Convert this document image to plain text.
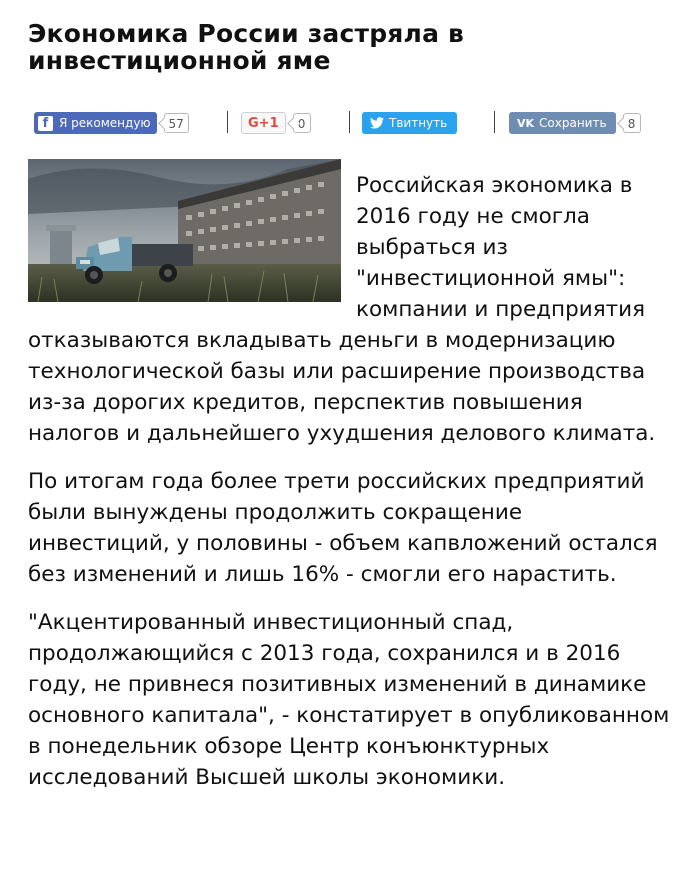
Экономика России застряла в инвестиционной яме
f Я рекомендую	57	G+1	0	Твитнуть	VK Сохранить	8

Российская экономика в 2016 году не смогла выбраться из "инвестиционной ямы": компании и предприятия отказываются вкладывать деньги в модернизацию технологической базы или расширение производства из-за дорогих кредитов, перспектив повышения налогов и дальнейшего ухудшения делового климата.

По итогам года более трети российских предприятий были вынуждены продолжить сокращение инвестиций, у половины - объем капвложений остался без изменений и лишь 16% - смогли его нарастить.

"Акцентированный инвестиционный спад, продолжающийся с 2013 года, сохранился и в 2016 году, не привнеся позитивных изменений в динамике основного капитала", - констатирует в опубликованном в понедельник обзоре Центр конъюнктурных исследований Высшей школы экономики.
